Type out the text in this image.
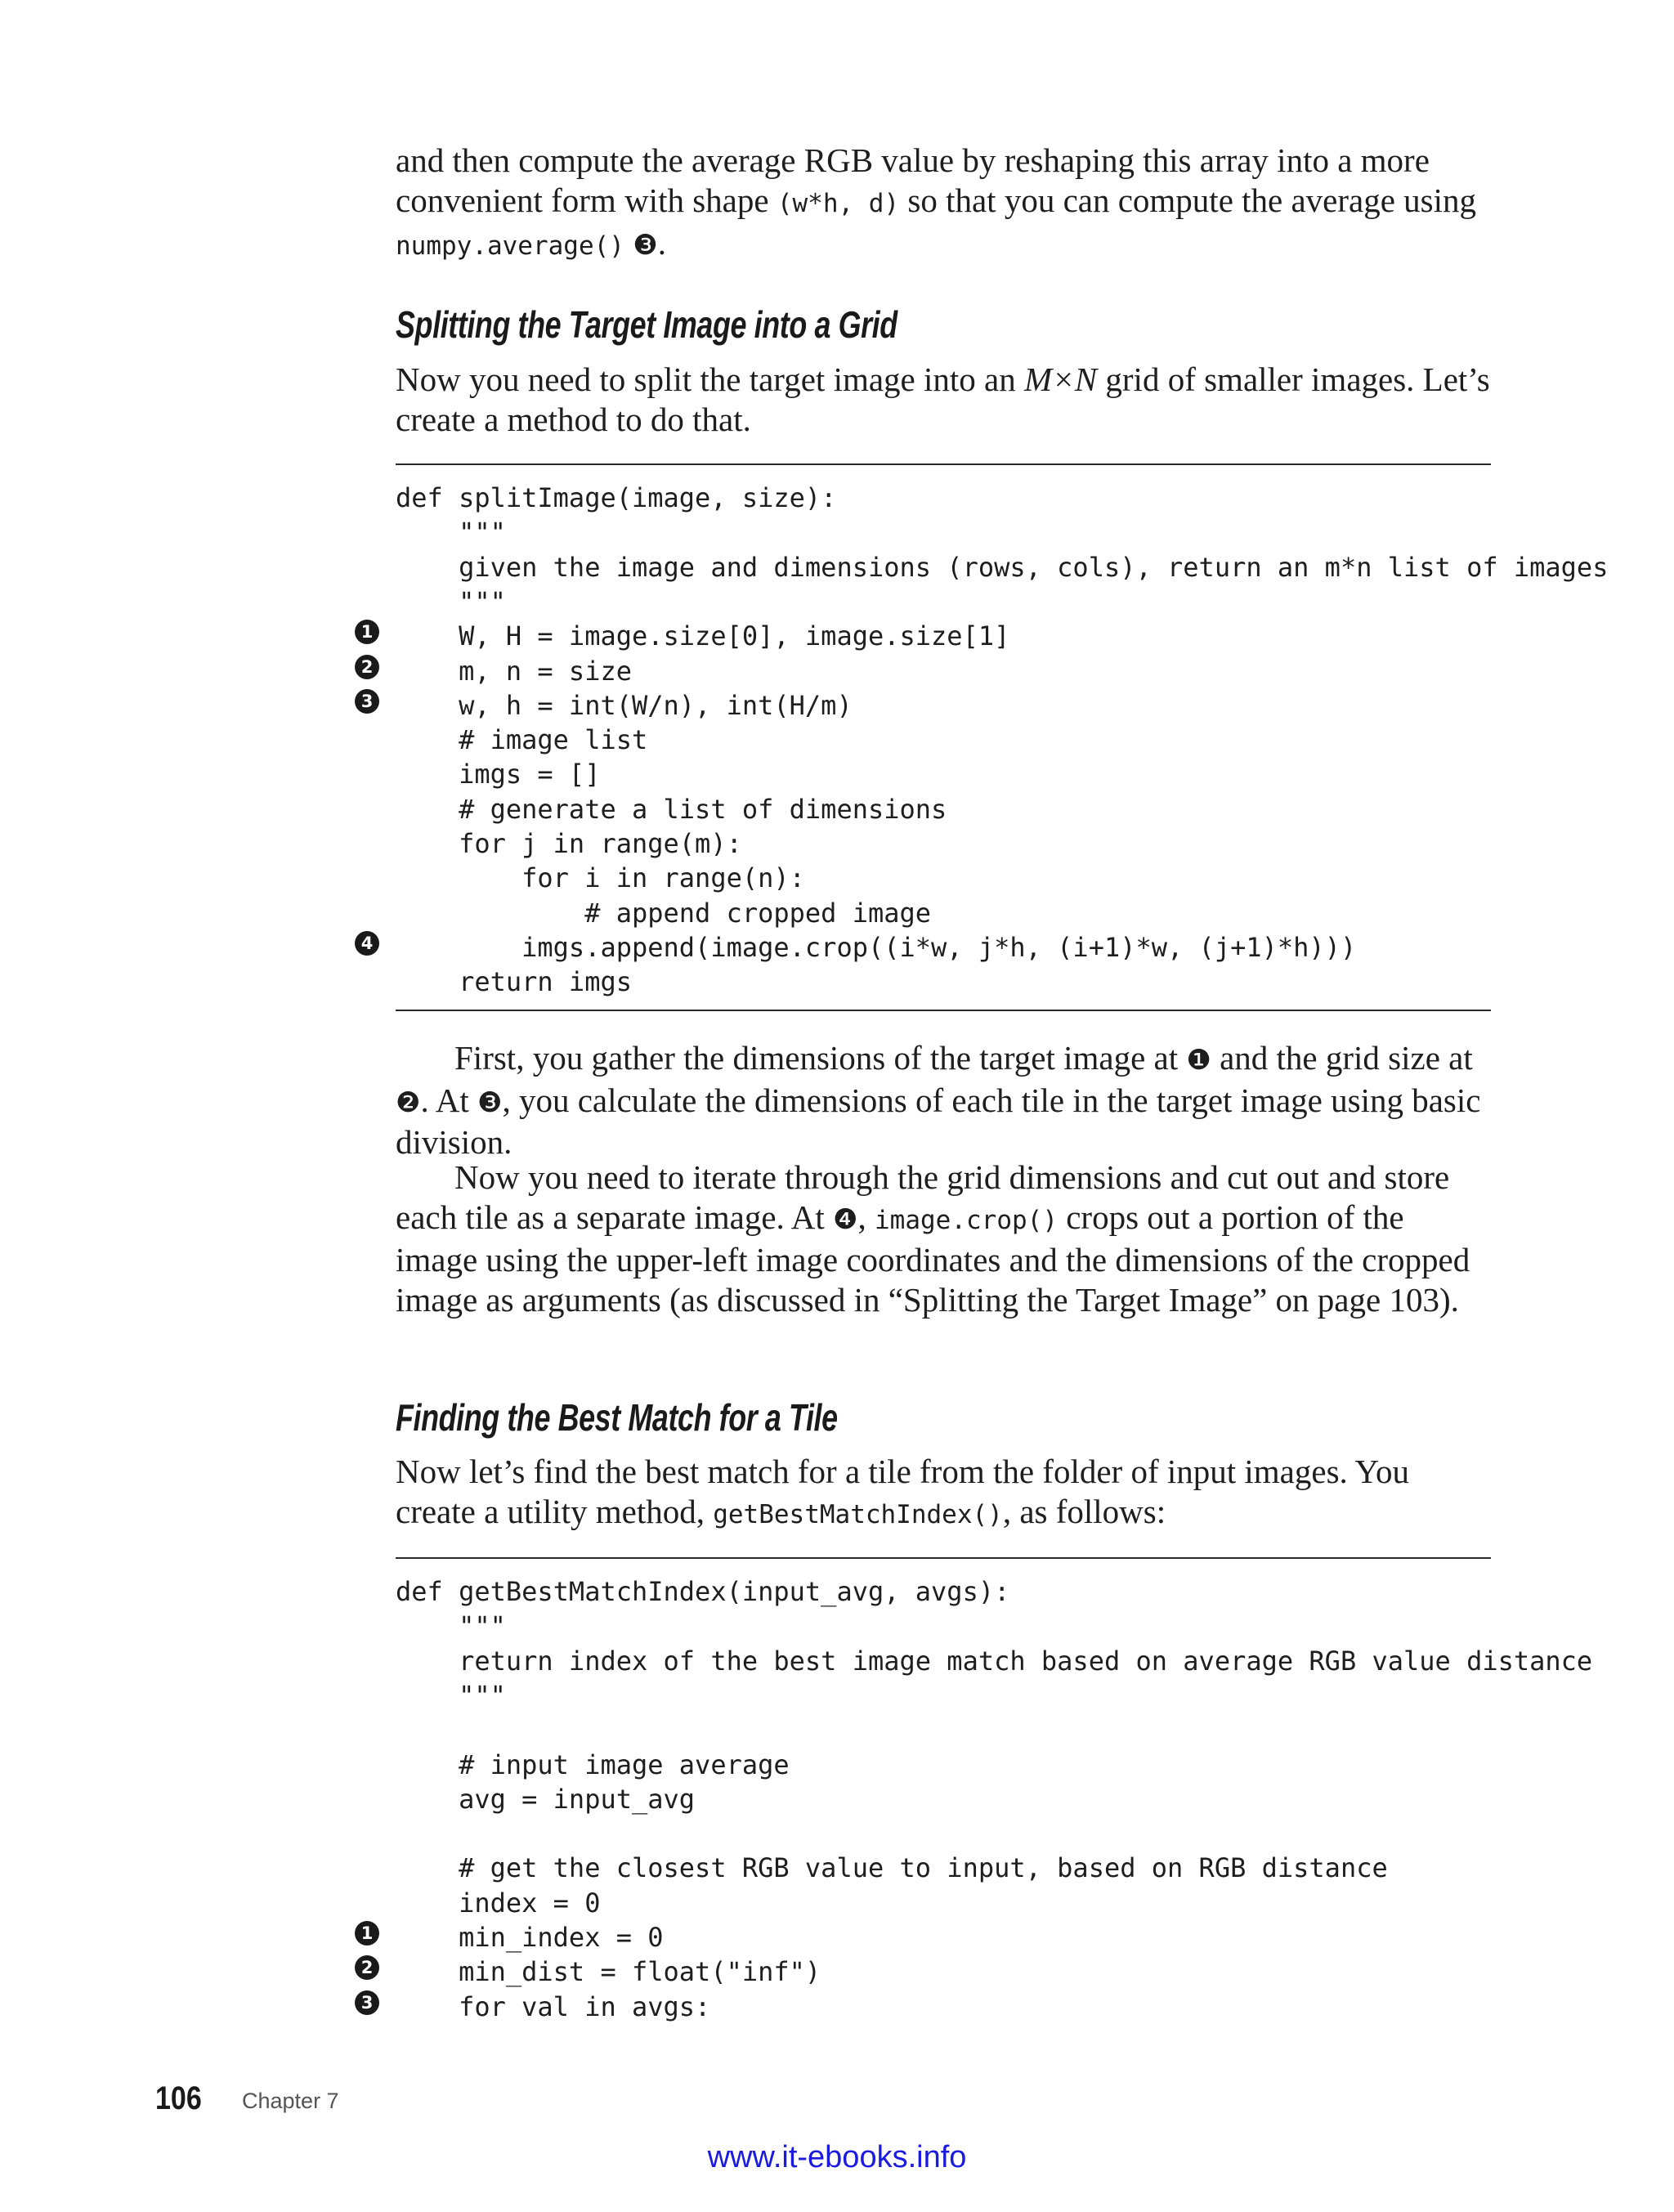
and then compute the average RGB value by reshaping this array into a more convenient form with shape (w*h, d) so that you can compute the average using numpy.average() ❸.

Splitting the Target Image into a Grid

Now you need to split the target image into an M×N grid of smaller images. Let’s create a method to do that.

def splitImage(image, size):
"""
given the image and dimensions (rows, cols), return an m*n list of images
"""
1 W, H = image.size[0], image.size[1]
2 m, n = size
3 w, h = int(W/n), int(H/m)
# image list
imgs = []
# generate a list of dimensions
for j in range(m):
for i in range(n):
# append cropped image
4 imgs.append(image.crop((i*w, j*h, (i+1)*w, (j+1)*h)))
return imgs

First, you gather the dimensions of the target image at ❶ and the grid size at ❷. At ❸, you calculate the dimensions of each tile in the target image using basic division.

Now you need to iterate through the grid dimensions and cut out and store each tile as a separate image. At ❹, image.crop() crops out a portion of the image using the upper-left image coordinates and the dimensions of the cropped image as arguments (as discussed in “Splitting the Target Image” on page 103).

Finding the Best Match for a Tile

Now let’s find the best match for a tile from the folder of input images. You create a utility method, getBestMatchIndex(), as follows:

def getBestMatchIndex(input_avg, avgs):
"""
return index of the best image match based on average RGB value distance
"""
# input image average
avg = input_avg
# get the closest RGB value to input, based on RGB distance
index = 0
1 min_index = 0
2 min_dist = float("inf")
3 for val in avgs:
106 Chapter 7
www.it-ebooks.info
